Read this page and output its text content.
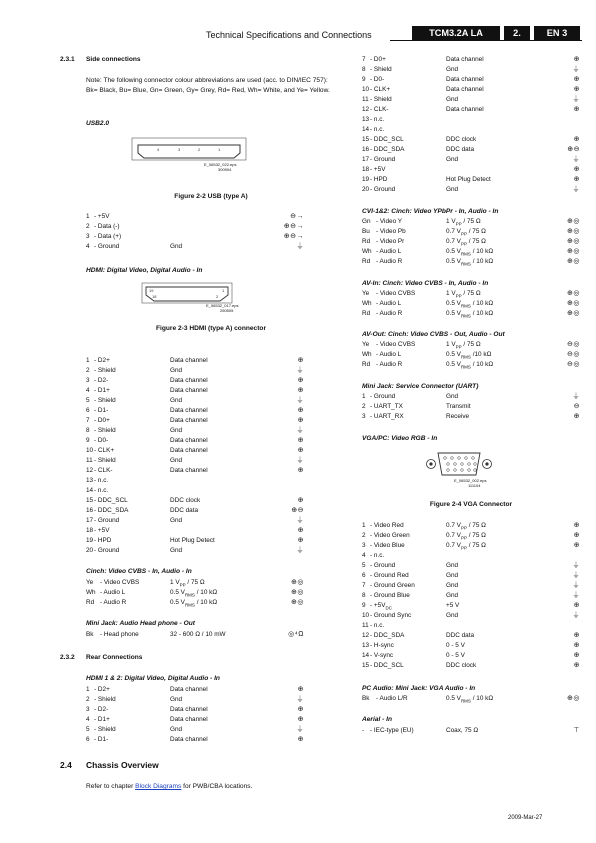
Technical Specifications and Connections	TCM3.2A LA	2.	EN 3
2.3.1 Side connections
Note: The following connector colour abbreviations are used (acc. to DIN/IEC 757): Bk= Black, Bu= Blue, Gn= Green, Gy= Grey, Rd= Red, Wh= White, and Ye= Yellow.
USB2.0
4	3	2	1
E_06532_022.eps
300904
Figure 2-2 USB (type A)
1 - +5V	⊖→
2 - Data (-)	⊕⊖→
3 - Data (+)	⊕⊖→
4 - Ground	Gnd	⏚
HDMI: Digital Video, Digital Audio - In
19	1
18	2
E_06532_017.eps
250505
Figure 2-3 HDMI (type A) connector
1 - D2+	Data channel	⊕
2 - Shield	Gnd	⏚
3 - D2-	Data channel	⊕
4 - D1+	Data channel	⊕
5 - Shield	Gnd	⏚
6 - D1-	Data channel	⊕
7 - D0+	Data channel	⊕
8 - Shield	Gnd	⏚
9 - D0-	Data channel	⊕
10 - CLK+	Data channel	⊕
11 - Shield	Gnd	⏚
12 - CLK-	Data channel	⊕
13 - n.c.
14 - n.c.
15 - DDC_SCL	DDC clock	⊕
16 - DDC_SDA	DDC data	⊕⊖
17 - Ground	Gnd	⏚
18 - +5V	⊕
19 - HPD	Hot Plug Detect	⊕
20 - Ground	Gnd	⏚
Cinch: Video CVBS - In, Audio - In
Ye - Video CVBS	1 $V_{PP} / 75$ Ω	⊕◎
Wh - Audio L	0.5 $V_{RMS} / 10$ kΩ	⊕◎
Rd - Audio R	0.5 $V_{RMS} / 10$ kΩ	⊕◎
Mini Jack: Audio Head phone - Out
Bk - Head phone	32 - 600 Ω / 10 mW	◎⁴Ω
2.3.2 Rear Connections
HDMI 1 & 2: Digital Video, Digital Audio - In
1 - D2+	Data channel	⊕
2 - Shield	Gnd	⏚
3 - D2-	Data channel	⊕
4 - D1+	Data channel	⊕
5 - Shield	Gnd	⏚
6 - D1-	Data channel	⊕
2.4 Chassis Overview
Refer to chapter Block Diagrams for PWB/CBA locations.
7 - D0+	Data channel	⊕
8 - Shield	Gnd	⏚
9 - D0-	Data channel	⊕
10 - CLK+	Data channel	⊕
11 - Shield	Gnd	⏚
12 - CLK-	Data channel	⊕
13 - n.c.
14 - n.c.
15 - DDC_SCL	DDC clock	⊕
16 - DDC_SDA	DDC data	⊕⊖
17 - Ground	Gnd	⏚
18 - +5V	⊕
19 - HPD	Hot Plug Detect	⊕
20 - Ground	Gnd	⏚
CVI-1&2: Cinch: Video YPbPr - In, Audio - In
Gn - Video Y	1 $V_{PP} / 75$ Ω	⊕◎
Bu - Video Pb	0.7 $V_{PP} / 75$ Ω	⊕◎
Rd - Video Pr	0.7 $V_{PP} / 75$ Ω	⊕◎
Wh - Audio L	0.5 $V_{RMS} / 10$ kΩ	⊕◎
Rd - Audio R	0.5 $V_{RMS} / 10$ kΩ	⊕◎
AV-In: Cinch: Video CVBS - In, Audio - In
Ye - Video CVBS	1 $V_{PP} / 75$ Ω	⊕◎
Wh - Audio L	0.5 $V_{RMS} / 10$ kΩ	⊕◎
Rd - Audio R	0.5 $V_{RMS} / 10$ kΩ	⊕◎
AV-Out: Cinch: Video CVBS - Out, Audio - Out
Ye - Video CVBS	1 $V_{PP} / 75$ Ω	⊖◎
Wh - Audio L	0.5 $V_{RMS}$ /10 kΩ	⊖◎
Rd - Audio R	0.5 $V_{RMS} / 10$ kΩ	⊖◎
Mini Jack: Service Connector (UART)
1 - Ground	Gnd	⏚
2 - UART_TX	Transmit	⊖
3 - UART_RX	Receive	⊕
VGA/PC: Video RGB - In
E_06532_002.eps
111104
Figure 2-4 VGA Connector
1 - Video Red	0.7 $V_{PP} / 75$ Ω	⊕
2 - Video Green	0.7 $V_{PP} / 75$ Ω	⊕
3 - Video Blue	0.7 $V_{PP} / 75$ Ω	⊕
4 - n.c.
5 - Ground	Gnd	⏚
6 - Ground Red	Gnd	⏚
7 - Ground Green	Gnd	⏚
8 - Ground Blue	Gnd	⏚
$9 - +5V_{DC}$	+5 V	⊕
10 - Ground Sync	Gnd	⏚
11 - n.c.
12 - DDC_SDA	DDC data	⊕
13 - H-sync	0 - 5 V	⊕
14 - V-sync	0 - 5 V	⊕
15 - DDC_SCL	DDC clock	⊕
PC Audio: Mini Jack: VGA Audio - In
Bk - Audio L/R	0.5 $V_{RMS} / 10$ kΩ	⊕◎
Aerial - In
- - IEC-type (EU)	Coax, 75 Ω	⊤
2009-Mar-27
